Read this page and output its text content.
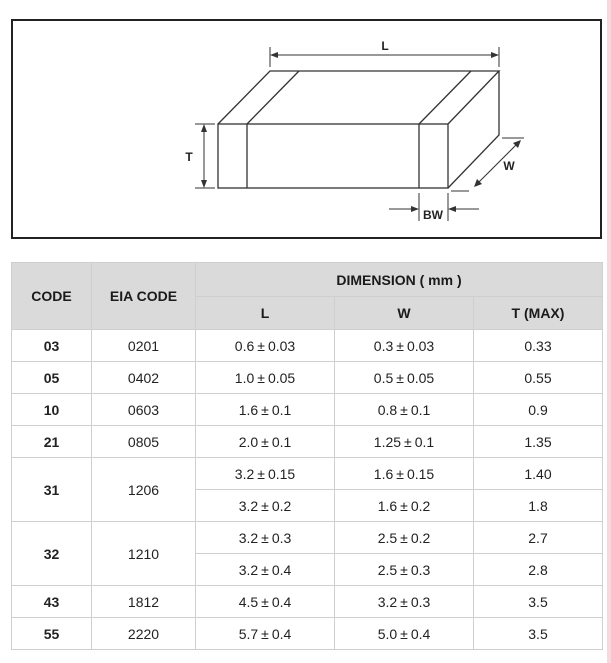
L
T
W
BW
CODE	EIA CODE	DIMENSION ( mm )		
		L	W	T (MAX)
03	0201	0.6 ± 0.03	0.3 ± 0.03	0.33
05	0402	1.0 ± 0.05	0.5 ± 0.05	0.55
10	0603	1.6 ± 0.1	0.8 ± 0.1	0.9
21	0805	2.0 ± 0.1	1.25 ± 0.1	1.35
31	1206	3.2 ± 0.15	1.6 ± 0.15	1.40
		3.2 ± 0.2	1.6 ± 0.2	1.8
32	1210	3.2 ± 0.3	2.5 ± 0.2	2.7
		3.2 ± 0.4	2.5 ± 0.3	2.8
43	1812	4.5 ± 0.4	3.2 ± 0.3	3.5
55	2220	5.7 ± 0.4	5.0 ± 0.4	3.5
